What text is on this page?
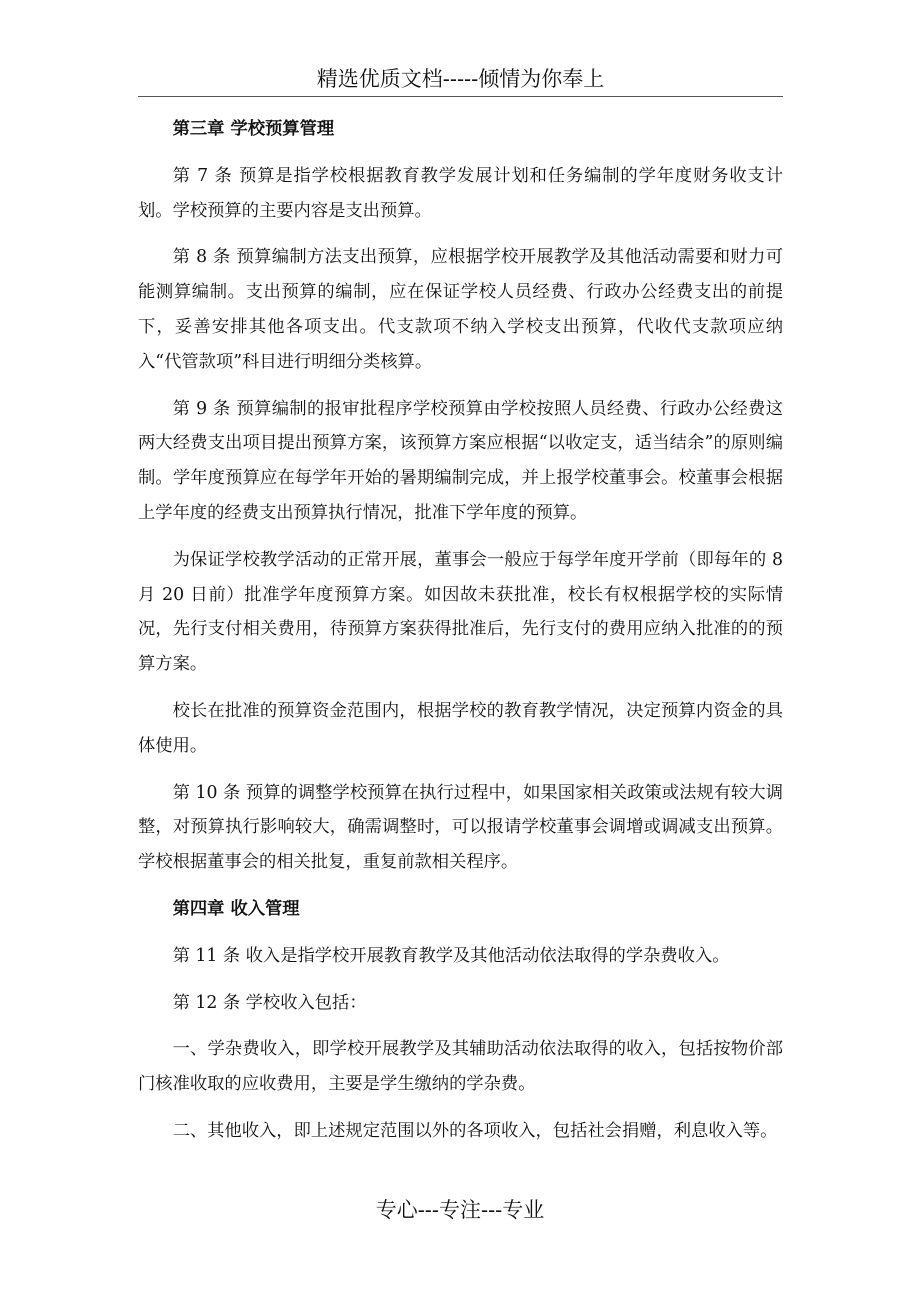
精选优质文档-----倾情为你奉上

第三章 学校预算管理

第 7 条 预算是指学校根据教育教学发展计划和任务编制的学年度财务收支计划。学校预算的主要内容是支出预算。

第 8 条 预算编制方法支出预算，应根据学校开展教学及其他活动需要和财力可能测算编制。支出预算的编制，应在保证学校人员经费、行政办公经费支出的前提下，妥善安排其他各项支出。代支款项不纳入学校支出预算，代收代支款项应纳入“代管款项”科目进行明细分类核算。

第 9 条 预算编制的报审批程序学校预算由学校按照人员经费、行政办公经费这两大经费支出项目提出预算方案，该预算方案应根据“以收定支，适当结余”的原则编制。学年度预算应在每学年开始的暑期编制完成，并上报学校董事会。校董事会根据上学年度的经费支出预算执行情况，批准下学年度的预算。

为保证学校教学活动的正常开展，董事会一般应于每学年度开学前（即每年的 8 月 20 日前）批准学年度预算方案。如因故未获批准，校长有权根据学校的实际情况，先行支付相关费用，待预算方案获得批准后，先行支付的费用应纳入批准的的预算方案。

校长在批准的预算资金范围内，根据学校的教育教学情况，决定预算内资金的具体使用。

第 10 条 预算的调整学校预算在执行过程中，如果国家相关政策或法规有较大调整，对预算执行影响较大，确需调整时，可以报请学校董事会调增或调减支出预算。学校根据董事会的相关批复，重复前款相关程序。

第四章 收入管理

第 11 条 收入是指学校开展教育教学及其他活动依法取得的学杂费收入。

第 12 条 学校收入包括：

一、学杂费收入，即学校开展教学及其辅助活动依法取得的收入，包括按物价部门核准收取的应收费用，主要是学生缴纳的学杂费。

二、其他收入，即上述规定范围以外的各项收入，包括社会捐赠，利息收入等。

专心---专注---专业
